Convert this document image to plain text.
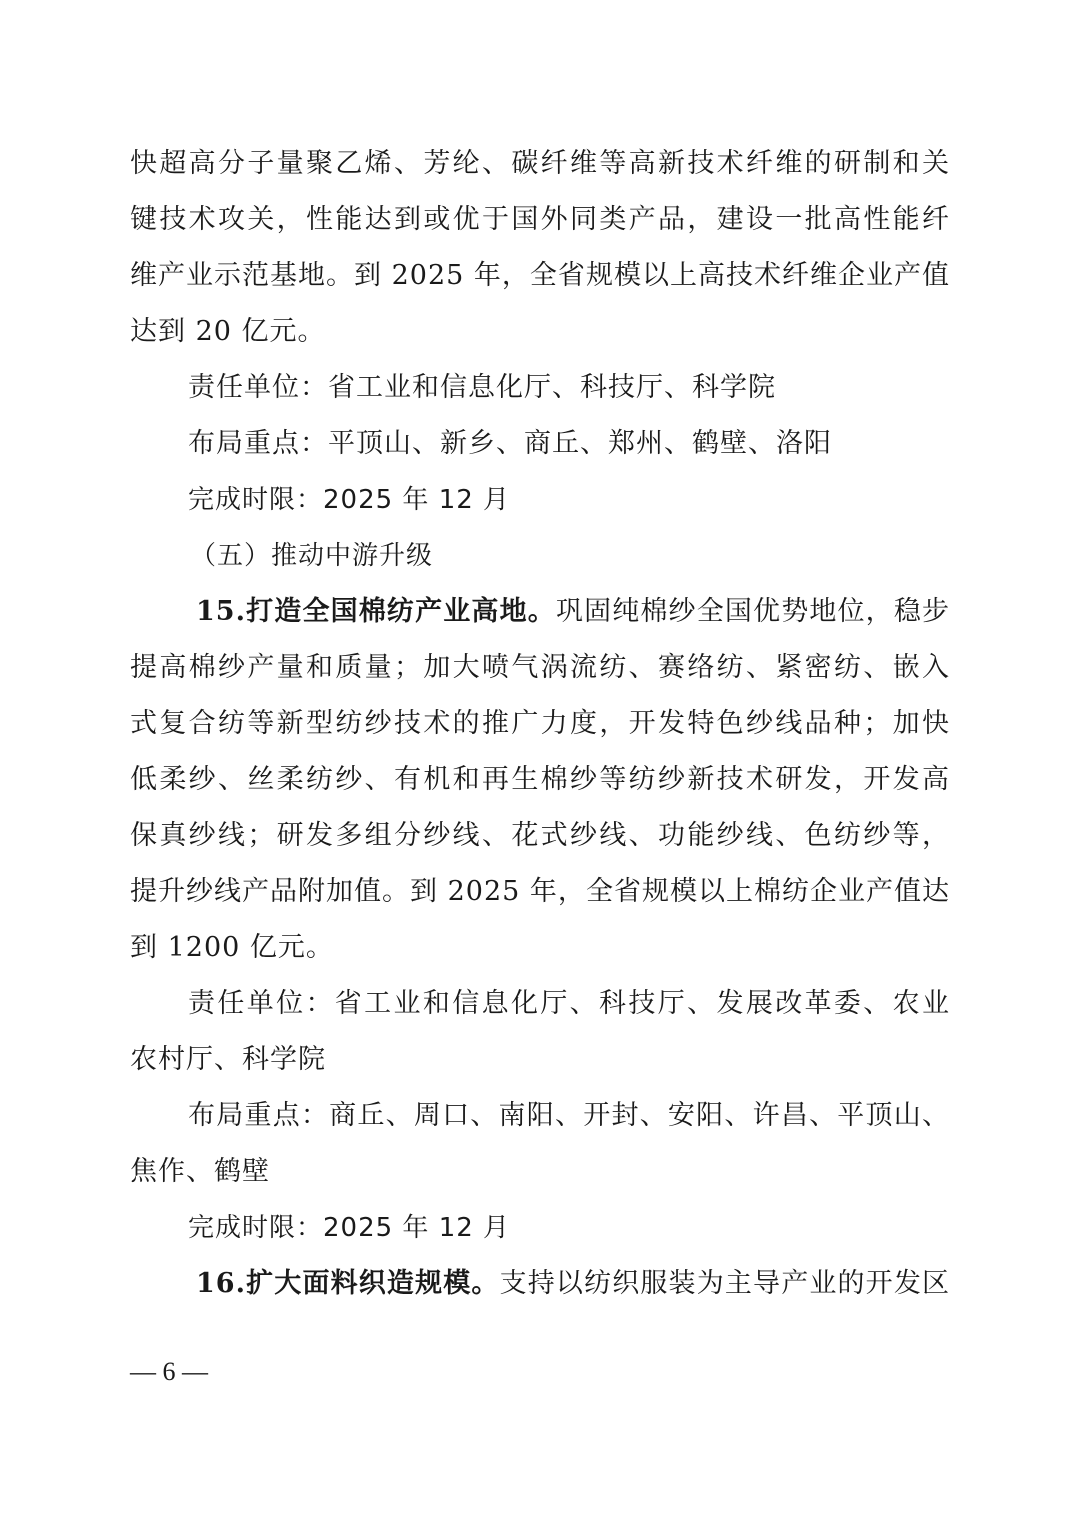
快超高分子量聚乙烯、芳纶、碳纤维等高新技术纤维的研制和关
键技术攻关，性能达到或优于国外同类产品，建设一批高性能纤
维产业示范基地。到 2025 年，全省规模以上高技术纤维企业产值
达到 20 亿元。
责任单位：省工业和信息化厅、科技厅、科学院
布局重点：平顶山、新乡、商丘、郑州、鹤壁、洛阳
完成时限：2025 年 12 月
（五）推动中游升级
15.打造全国棉纺产业高地。巩固纯棉纱全国优势地位，稳步
提高棉纱产量和质量；加大喷气涡流纺、赛络纺、紧密纺、嵌入
式复合纺等新型纺纱技术的推广力度，开发特色纱线品种；加快
低柔纱、丝柔纺纱、有机和再生棉纱等纺纱新技术研发，开发高
保真纱线；研发多组分纱线、花式纱线、功能纱线、色纺纱等，
提升纱线产品附加值。到 2025 年，全省规模以上棉纺企业产值达
到 1200 亿元。
责任单位：省工业和信息化厅、科技厅、发展改革委、农业
农村厅、科学院
布局重点：商丘、周口、南阳、开封、安阳、许昌、平顶山、
焦作、鹤壁
完成时限：2025 年 12 月
16.扩大面料织造规模。支持以纺织服装为主导产业的开发区
— 6 —
